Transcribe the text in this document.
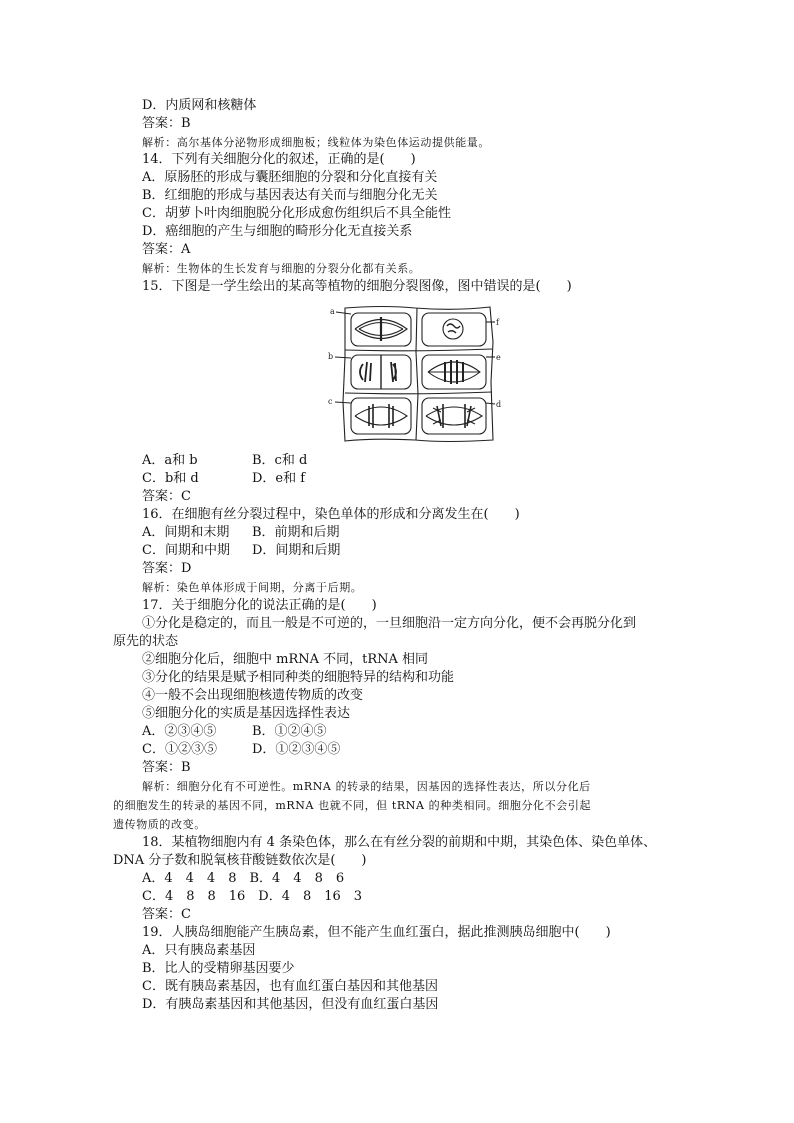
D．内质网和核糖体
答案：B
解析：高尔基体分泌物形成细胞板；线粒体为染色体运动提供能量。
14．下列有关细胞分化的叙述，正确的是(　　)
A．原肠胚的形成与囊胚细胞的分裂和分化直接有关
B．红细胞的形成与基因表达有关而与细胞分化无关
C．胡萝卜叶肉细胞脱分化形成愈伤组织后不具全能性
D．癌细胞的产生与细胞的畸形分化无直接关系
答案：A
解析：生物体的生长发育与细胞的分裂分化都有关系。
15．下图是一学生绘出的某高等植物的细胞分裂图像，图中错误的是(　　)
a
b
c	d
e
f
A．a和 b	B．c和 d
C．b和 d	D．e和 f
答案：C
16．在细胞有丝分裂过程中，染色单体的形成和分离发生在(　　)
A．间期和末期 B．前期和后期
C．间期和中期 D．间期和后期
答案：D
解析：染色单体形成于间期，分离于后期。
17．关于细胞分化的说法正确的是(　　)
①分化是稳定的，而且一般是不可逆的，一旦细胞沿一定方向分化，便不会再脱分化到
原先的状态
②细胞分化后，细胞中 mRNA 不同，tRNA 相同
③分化的结果是赋予相同种类的细胞特异的结构和功能
④一般不会出现细胞核遗传物质的改变
⑤细胞分化的实质是基因选择性表达
A．②③④⑤	B．①②④⑤
C．①②③⑤	D．①②③④⑤
答案：B
解析：细胞分化有不可逆性。mRNA 的转录的结果，因基因的选择性表达，所以分化后
的细胞发生的转录的基因不同，mRNA 也就不同，但 tRNA 的种类相同。细胞分化不会引起
遗传物质的改变。
18．某植物细胞内有 4 条染色体，那么在有丝分裂的前期和中期，其染色体、染色单体、
DNA 分子数和脱氧核苷酸链数依次是(　　)
A．4　4　4　8　B．4　4　8　6
C．4　8　8　16　D．4　8　16　3
答案：C
19．人胰岛细胞能产生胰岛素，但不能产生血红蛋白，据此推测胰岛细胞中(　　)
A．只有胰岛素基因
B．比人的受精卵基因要少
C．既有胰岛素基因，也有血红蛋白基因和其他基因
D．有胰岛素基因和其他基因，但没有血红蛋白基因
